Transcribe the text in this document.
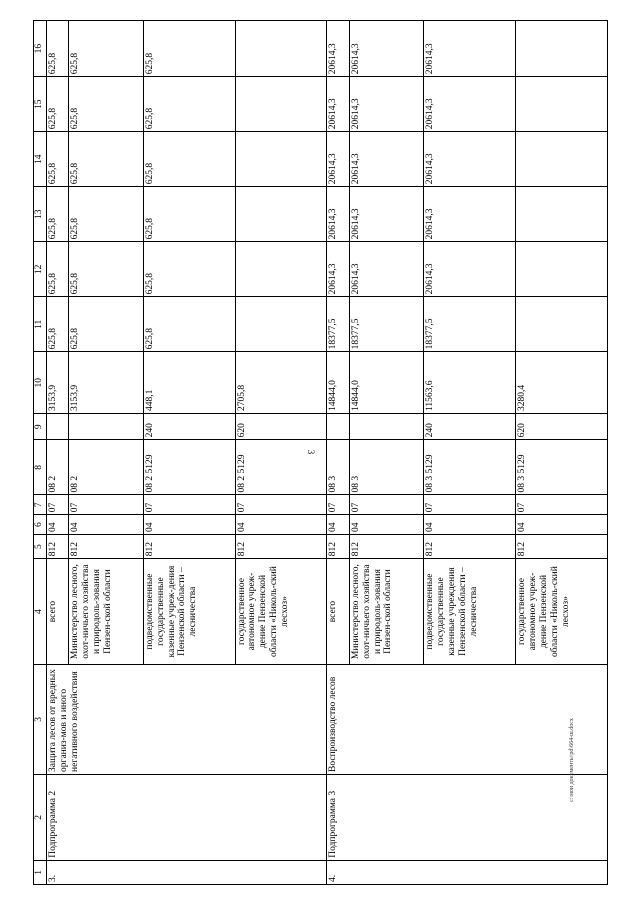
3
1	2	3	4	5	6	7	8	9	10	11	12	13	14	15	16
3.	Подпрограмма 2	Защита лесов от вредных организ-мов и иного негативного воздействия	всего	812	04	07	08 2		3153,9	625,8	625,8	625,8	625,8	625,8	625,8
			Министерство лесного, охот-ничьего хозяйства и природоль-зования Пензен-ской области	812	04	07	08 2		3153,9	625,8	625,8	625,8	625,8	625,8	625,8
			подведомственные государственные казенные учреж-дения Пензенской области – лесничества	812	04	07	08 2 5129	240	448,1	625,8	625,8	625,8	625,8	625,8	625,8
			государственное автономное учреж-дение Пензенской области «Николь-ский лесхоз»	812	04	07	08 2 5129	620	2705,8						
4.	Подпрограмма 3	Воспроизводство лесов	всего	812	04	07	08 3		14844,0	18377,5	20614,3	20614,3	20614,3	20614,3	20614,3
			Министерство лесного, охот-ничьего хозяйства и природоль-зования Пензен-ской области	812	04	07	08 3		14844,0	18377,5	20614,3	20614,3	20614,3	20614,3	20614,3
			подведомственные государственные казенные учреждения Пензенской области – лесничества	812	04	07	08 3 5129	240	11563,6	18377,5	20614,3	20614,3	20614,3	20614,3	20614,3
			государственное автономное учреж-дение Пензенской области «Николь-ский лесхоз»	812	04	07	08 3 5129	620	3280,4						
c:\мои документы\pd\664-ш.docx
